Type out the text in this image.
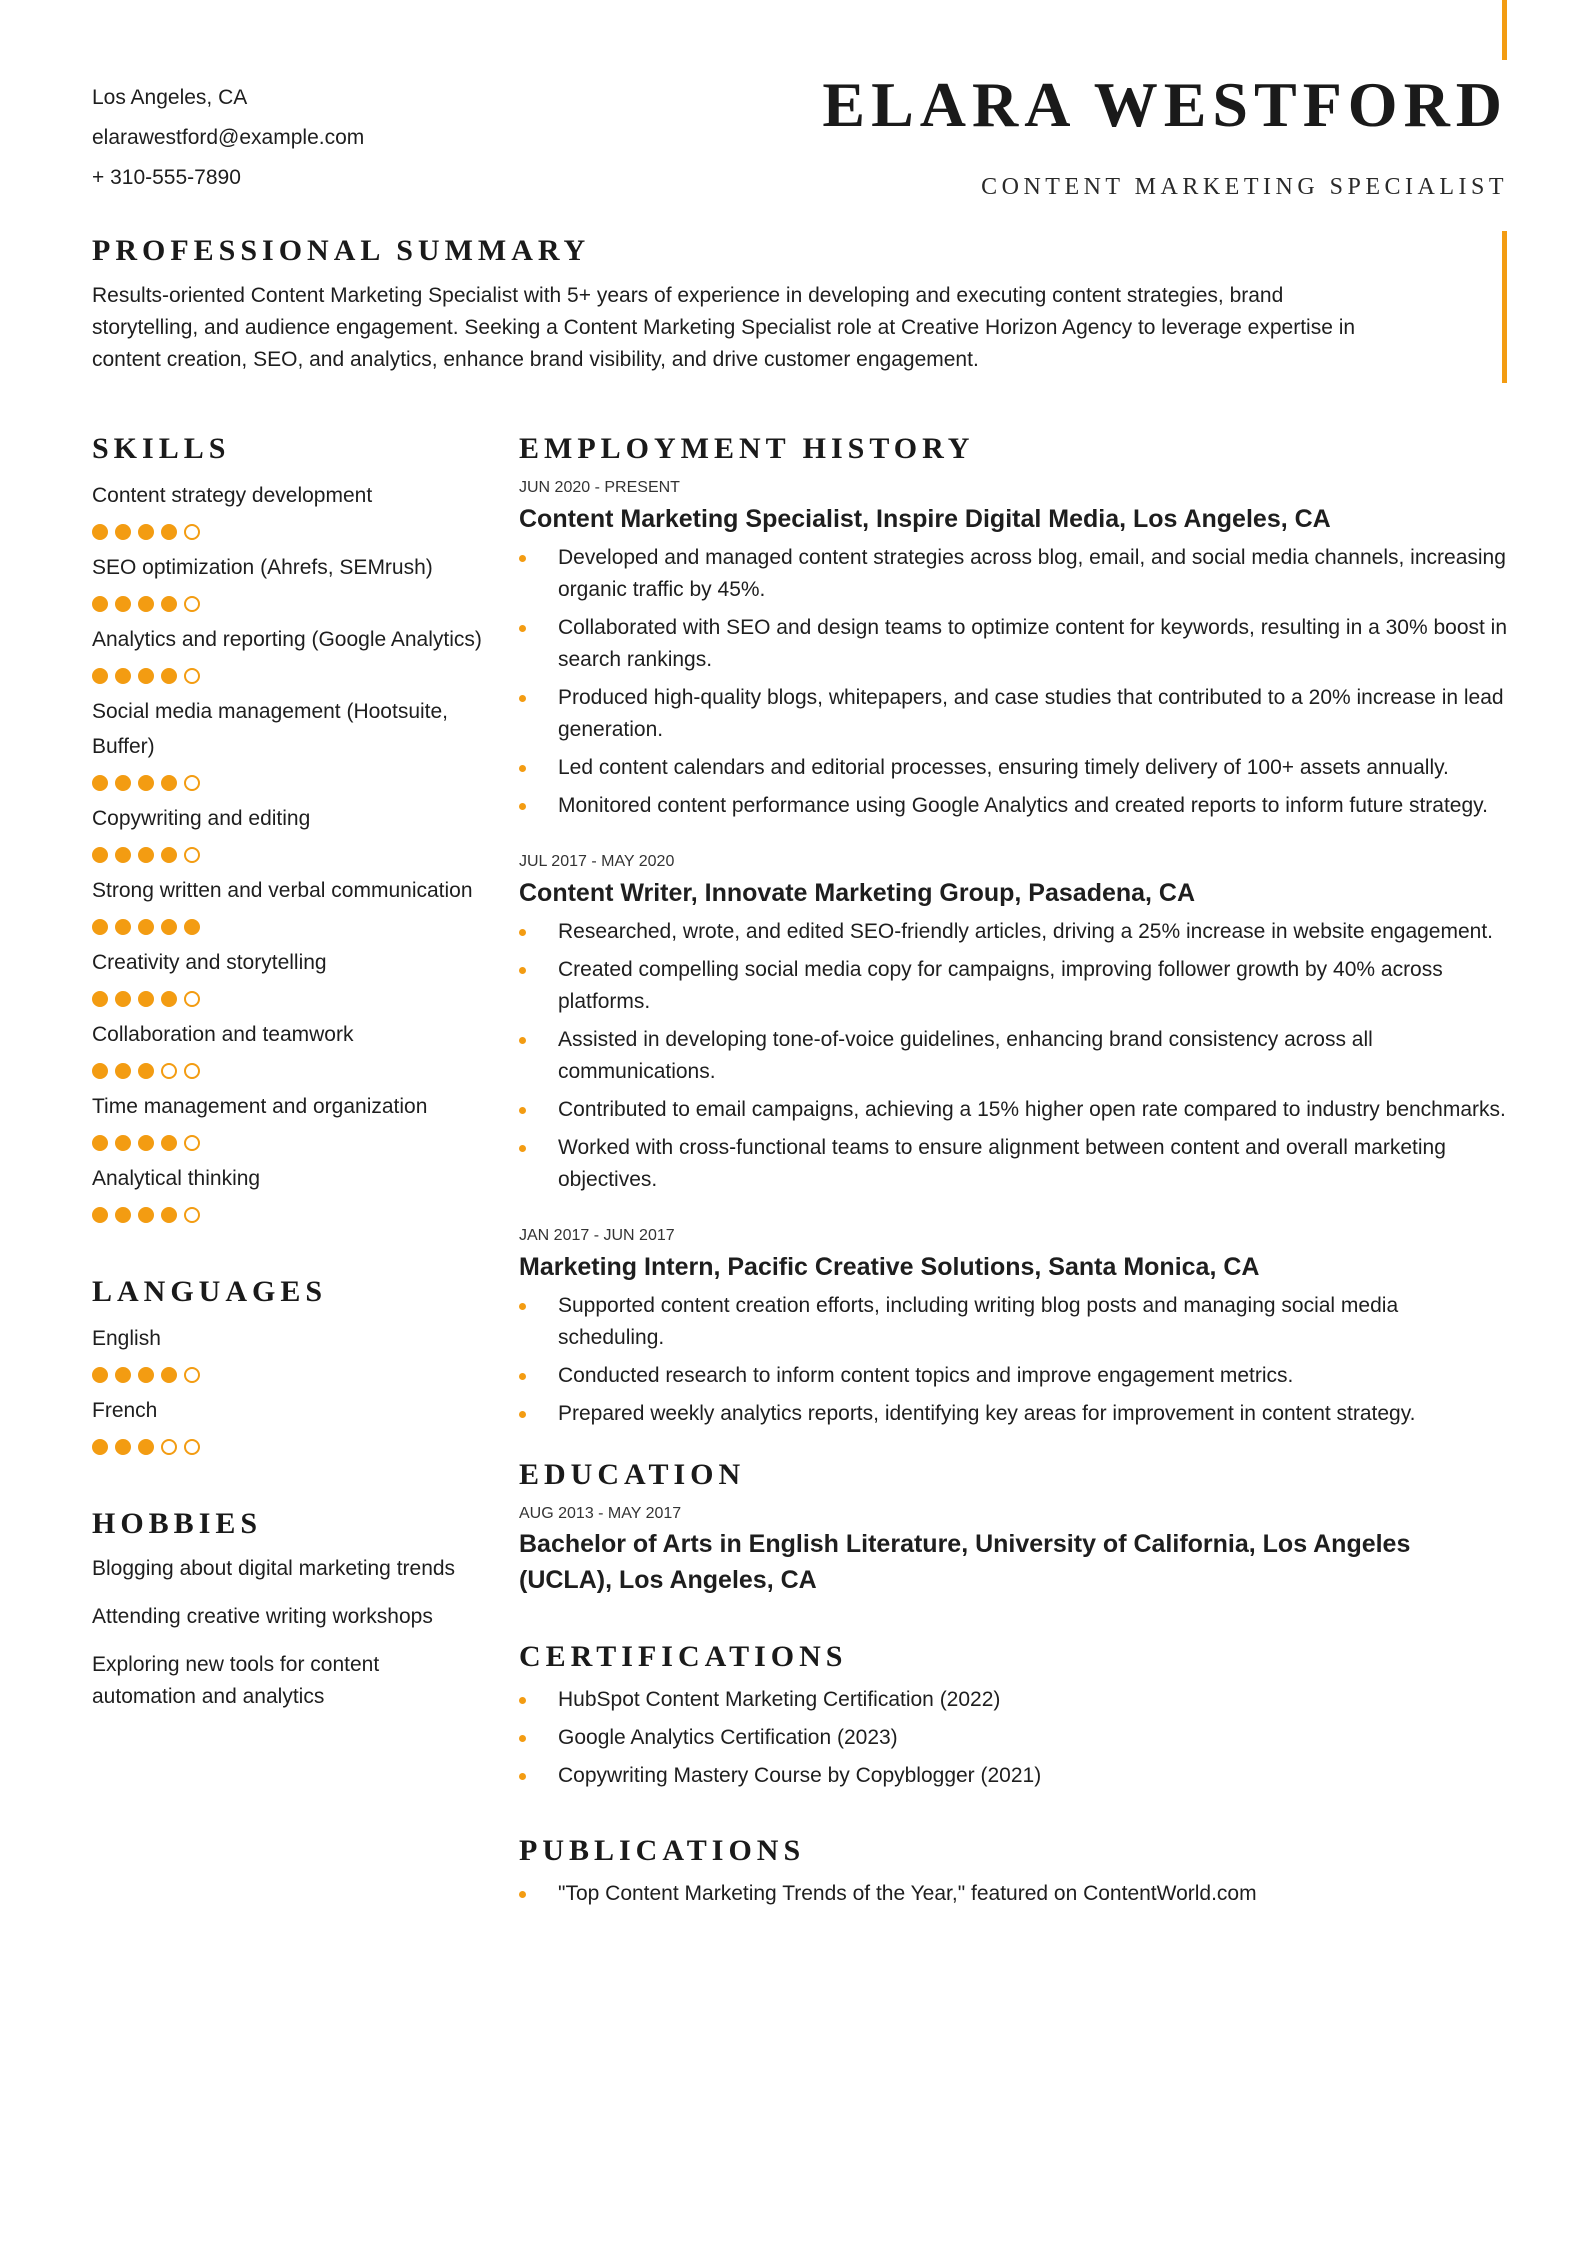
Los Angeles, CA
elarawestford@example.com
+ 310-555-7890
ELARA WESTFORD
CONTENT MARKETING SPECIALIST
PROFESSIONAL SUMMARY

Results-oriented Content Marketing Specialist with 5+ years of experience in developing and executing content strategies, brand storytelling, and audience engagement. Seeking a Content Marketing Specialist role at Creative Horizon Agency to leverage expertise in content creation, SEO, and analytics, enhance brand visibility, and drive customer engagement.

SKILLS
Content strategy development
SEO optimization (Ahrefs, SEMrush)
Analytics and reporting (Google Analytics)
Social media management (Hootsuite, Buffer)
Copywriting and editing
Strong written and verbal communication
Creativity and storytelling
Collaboration and teamwork
Time management and organization
Analytical thinking
LANGUAGES
English
French
HOBBIES
Blogging about digital marketing trends
Attending creative writing workshops
Exploring new tools for content automation and analytics
EMPLOYMENT HISTORY
JUN 2020 - PRESENT
Content Marketing Specialist, Inspire Digital Media, Los Angeles, CA
Developed and managed content strategies across blog, email, and social media channels, increasing organic traffic by 45%.
Collaborated with SEO and design teams to optimize content for keywords, resulting in a 30% boost in search rankings.
Produced high-quality blogs, whitepapers, and case studies that contributed to a 20% increase in lead generation.
Led content calendars and editorial processes, ensuring timely delivery of 100+ assets annually.
Monitored content performance using Google Analytics and created reports to inform future strategy.
JUL 2017 - MAY 2020
Content Writer, Innovate Marketing Group, Pasadena, CA
Researched, wrote, and edited SEO-friendly articles, driving a 25% increase in website engagement.
Created compelling social media copy for campaigns, improving follower growth by 40% across platforms.
Assisted in developing tone-of-voice guidelines, enhancing brand consistency across all communications.
Contributed to email campaigns, achieving a 15% higher open rate compared to industry benchmarks.
Worked with cross-functional teams to ensure alignment between content and overall marketing objectives.
JAN 2017 - JUN 2017
Marketing Intern, Pacific Creative Solutions, Santa Monica, CA
Supported content creation efforts, including writing blog posts and managing social media scheduling.
Conducted research to inform content topics and improve engagement metrics.
Prepared weekly analytics reports, identifying key areas for improvement in content strategy.
EDUCATION
AUG 2013 - MAY 2017
Bachelor of Arts in English Literature, University of California, Los Angeles (UCLA), Los Angeles, CA
CERTIFICATIONS
HubSpot Content Marketing Certification (2022)
Google Analytics Certification (2023)
Copywriting Mastery Course by Copyblogger (2021)
PUBLICATIONS
"Top Content Marketing Trends of the Year," featured on ContentWorld.com
